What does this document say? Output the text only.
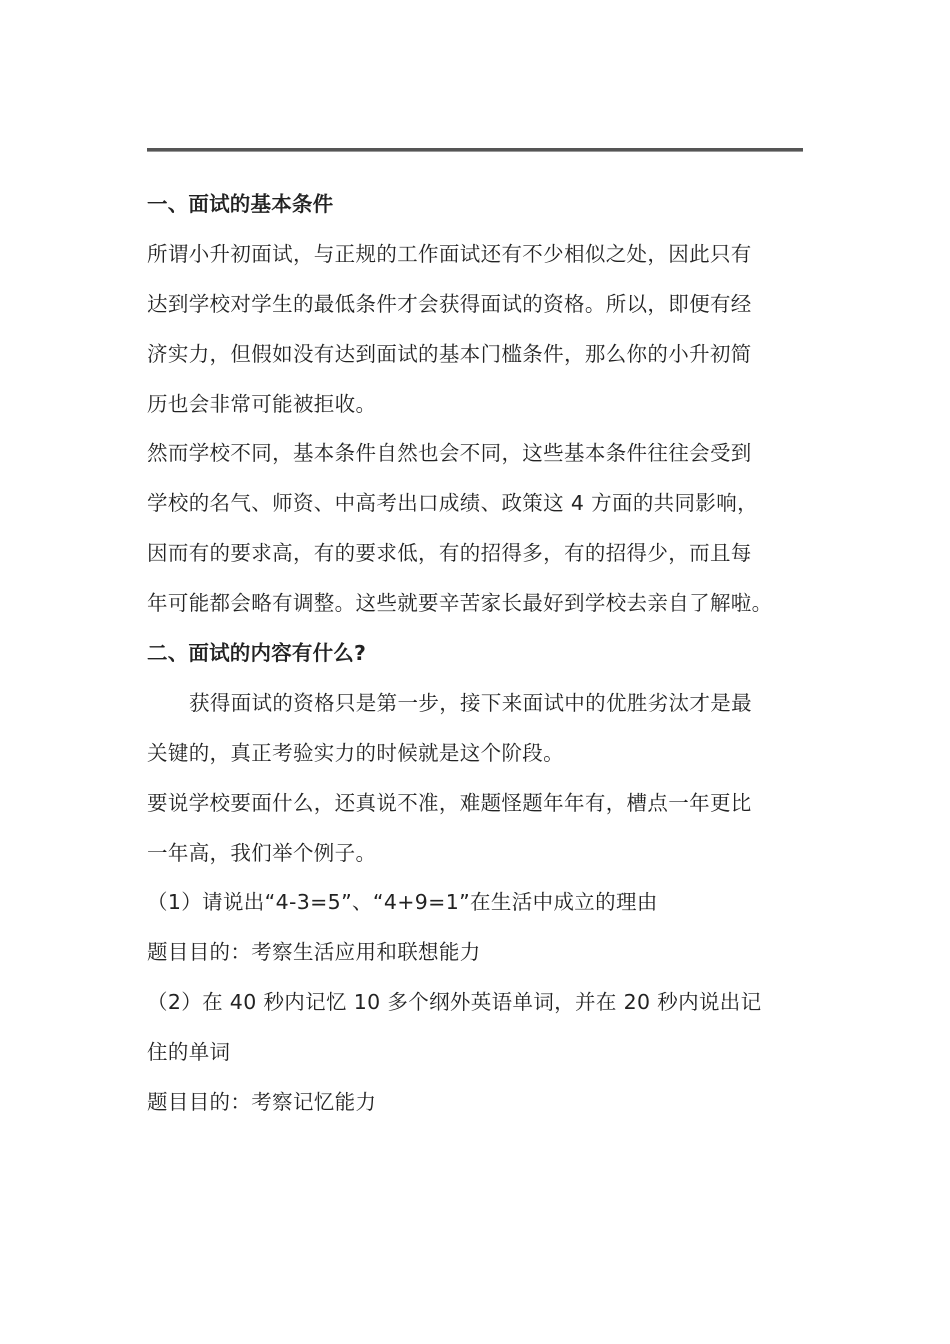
一、面试的基本条件
所谓小升初面试，与正规的工作面试还有不少相似之处，因此只有
达到学校对学生的最低条件才会获得面试的资格。所以，即便有经
济实力，但假如没有达到面试的基本门槛条件，那么你的小升初简
历也会非常可能被拒收。
然而学校不同，基本条件自然也会不同，这些基本条件往往会受到
学校的名气、师资、中高考出口成绩、政策这 4 方面的共同影响，
因而有的要求高，有的要求低，有的招得多，有的招得少，而且每
年可能都会略有调整。这些就要辛苦家长最好到学校去亲自了解啦。
二、面试的内容有什么?
获得面试的资格只是第一步，接下来面试中的优胜劣汰才是最
关键的，真正考验实力的时候就是这个阶段。
要说学校要面什么，还真说不准，难题怪题年年有，槽点一年更比
一年高，我们举个例子。
（1）请说出“4-3=5”、“4+9=1”在生活中成立的理由
题目目的：考察生活应用和联想能力
（2）在 40 秒内记忆 10 多个纲外英语单词，并在 20 秒内说出记
住的单词
题目目的：考察记忆能力
